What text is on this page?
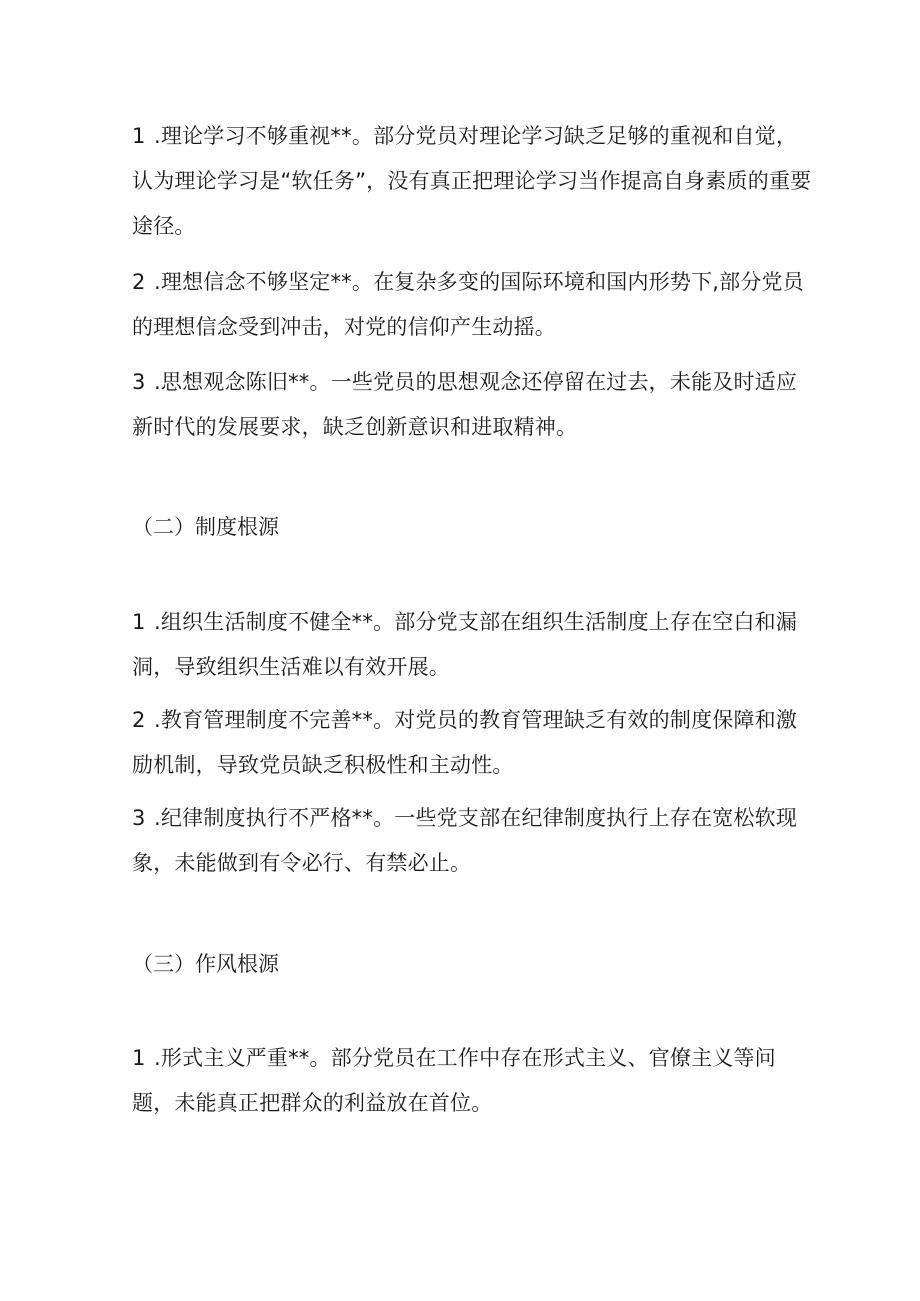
1 .理论学习不够重视**。部分党员对理论学习缺乏足够的重视和自觉，认为理论学习是“软任务”，没有真正把理论学习当作提高自身素质的重要途径。

2 .理想信念不够坚定**。在复杂多变的国际环境和国内形势下,部分党员的理想信念受到冲击，对党的信仰产生动摇。

3 .思想观念陈旧**。一些党员的思想观念还停留在过去，未能及时适应新时代的发展要求，缺乏创新意识和进取精神。

（二）制度根源

1 .组织生活制度不健全**。部分党支部在组织生活制度上存在空白和漏洞，导致组织生活难以有效开展。

2 .教育管理制度不完善**。对党员的教育管理缺乏有效的制度保障和激励机制，导致党员缺乏积极性和主动性。

3 .纪律制度执行不严格**。一些党支部在纪律制度执行上存在宽松软现象，未能做到有令必行、有禁必止。

（三）作风根源

1 .形式主义严重**。部分党员在工作中存在形式主义、官僚主义等问题，未能真正把群众的利益放在首位。
